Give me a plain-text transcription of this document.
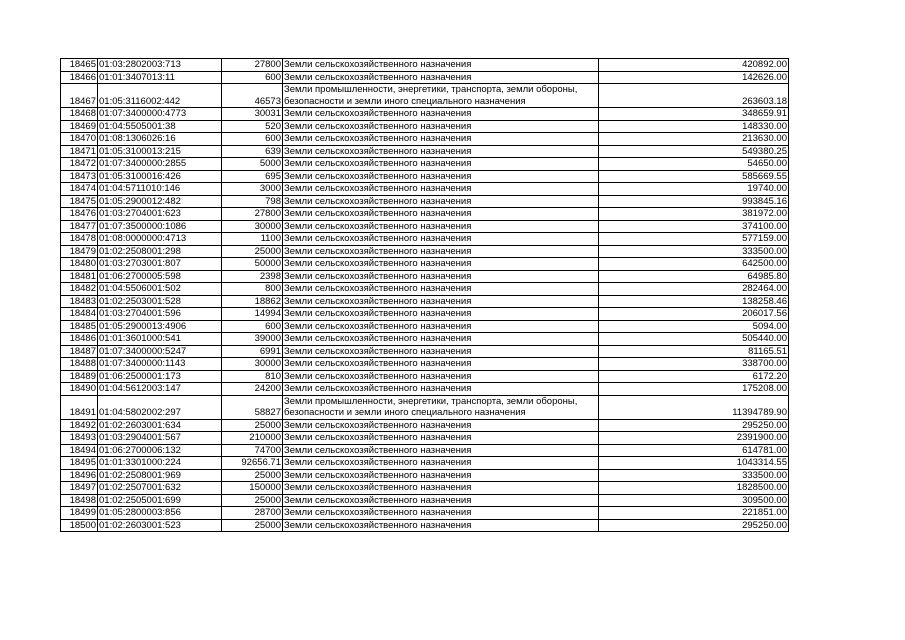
18465	01:03:2802003:713	27800	Земли сельскохозяйственного назначения	420892.00
18466	01:01:3407013:11	600	Земли сельскохозяйственного назначения	142626.00
18467	01:05:3116002:442	46573	Земли промышленности, энергетики, транспорта, земли обороны, безопасности и земли иного специального назначения	263603.18
18468	01:07:3400000:4773	30031	Земли сельскохозяйственного назначения	348659.91
18469	01:04:5505001:38	520	Земли сельскохозяйственного назначения	148330.00
18470	01:08:1306026:16	600	Земли сельскохозяйственного назначения	213630.00
18471	01:05:3100013:215	639	Земли сельскохозяйственного назначения	549380.25
18472	01:07:3400000:2855	5000	Земли сельскохозяйственного назначения	54650.00
18473	01:05:3100016:426	695	Земли сельскохозяйственного назначения	585669.55
18474	01:04:5711010:146	3000	Земли сельскохозяйственного назначения	19740.00
18475	01:05:2900012:482	798	Земли сельскохозяйственного назначения	993845.16
18476	01:03:2704001:623	27800	Земли сельскохозяйственного назначения	381972.00
18477	01:07:3500000:1086	30000	Земли сельскохозяйственного назначения	374100.00
18478	01:08:0000000:4713	1100	Земли сельскохозяйственного назначения	577159.00
18479	01:02:2508001:298	25000	Земли сельскохозяйственного назначения	333500.00
18480	01:03:2703001:807	50000	Земли сельскохозяйственного назначения	642500.00
18481	01:06:2700005:598	2398	Земли сельскохозяйственного назначения	64985.80
18482	01:04:5506001:502	800	Земли сельскохозяйственного назначения	282464.00
18483	01:02:2503001:528	18862	Земли сельскохозяйственного назначения	138258.46
18484	01:03:2704001:596	14994	Земли сельскохозяйственного назначения	206017.56
18485	01:05:2900013:4906	600	Земли сельскохозяйственного назначения	5094.00
18486	01:01:3601000:541	39000	Земли сельскохозяйственного назначения	505440.00
18487	01:07:3400000:5247	6991	Земли сельскохозяйственного назначения	81165.51
18488	01:07:3400000:1143	30000	Земли сельскохозяйственного назначения	338700.00
18489	01:06:2500001:173	810	Земли сельскохозяйственного назначения	6172.20
18490	01:04:5612003:147	24200	Земли сельскохозяйственного назначения	175208.00
18491	01:04:5802002:297	58827	Земли промышленности, энергетики, транспорта, земли обороны, безопасности и земли иного специального назначения	11394789.90
18492	01:02:2603001:634	25000	Земли сельскохозяйственного назначения	295250.00
18493	01:03:2904001:567	210000	Земли сельскохозяйственного назначения	2391900.00
18494	01:06:2700006:132	74700	Земли сельскохозяйственного назначения	614781.00
18495	01:01:3301000:224	92656.71	Земли сельскохозяйственного назначения	1043314.55
18496	01:02:2508001:969	25000	Земли сельскохозяйственного назначения	333500.00
18497	01:02:2507001:632	150000	Земли сельскохозяйственного назначения	1828500.00
18498	01:02:2505001:699	25000	Земли сельскохозяйственного назначения	309500.00
18499	01:05:2800003:856	28700	Земли сельскохозяйственного назначения	221851.00
18500	01:02:2603001:523	25000	Земли сельскохозяйственного назначения	295250.00
